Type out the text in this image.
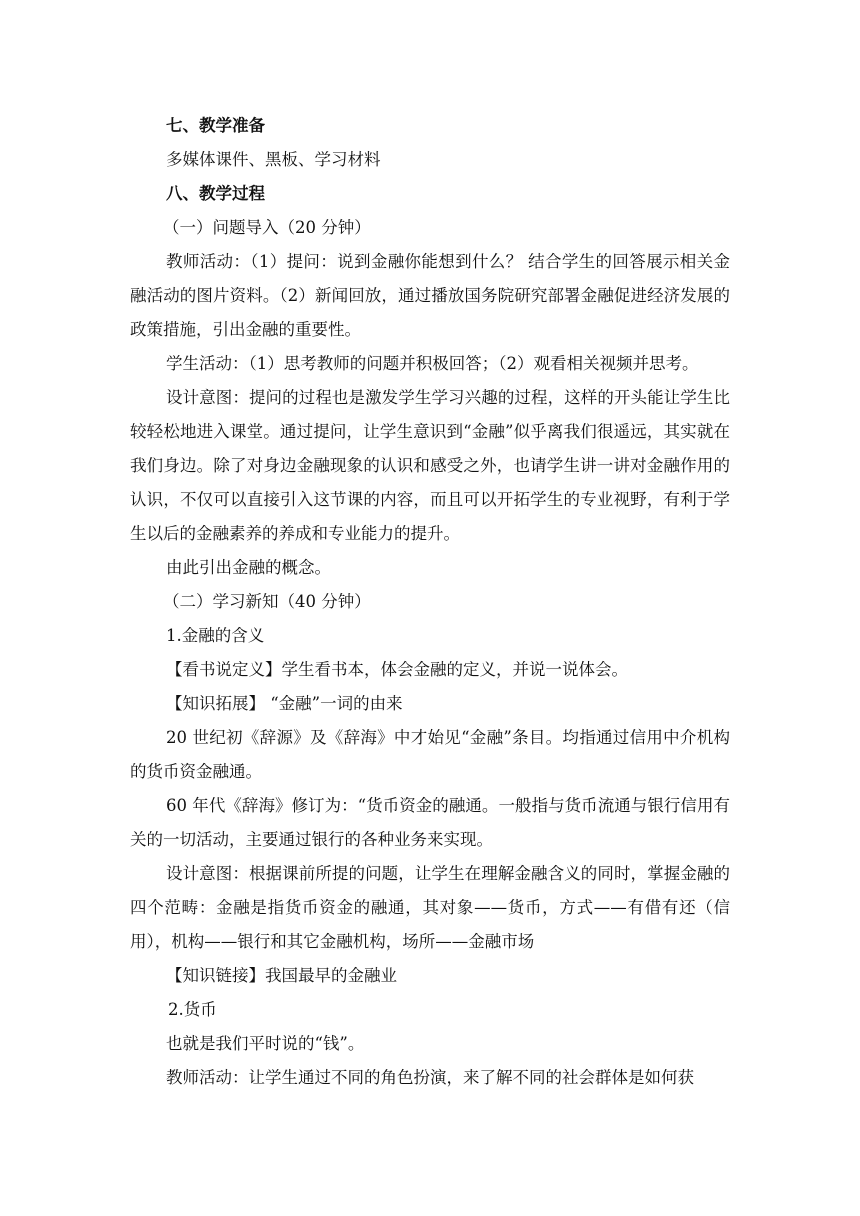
七、教学准备

多媒体课件、黑板、学习材料

八、教学过程

（一）问题导入（20 分钟）

教师活动：（1）提问：说到金融你能想到什么？ 结合学生的回答展示相关金融活动的图片资料。（2）新闻回放，通过播放国务院研究部署金融促进经济发展的政策措施，引出金融的重要性。

学生活动：（1）思考教师的问题并积极回答；（2）观看相关视频并思考。

设计意图：提问的过程也是激发学生学习兴趣的过程，这样的开头能让学生比较轻松地进入课堂。通过提问，让学生意识到“金融”似乎离我们很遥远，其实就在我们身边。除了对身边金融现象的认识和感受之外，也请学生讲一讲对金融作用的认识，不仅可以直接引入这节课的内容，而且可以开拓学生的专业视野，有利于学生以后的金融素养的养成和专业能力的提升。

由此引出金融的概念。

（二）学习新知（40 分钟）

1.金融的含义

【看书说定义】学生看书本，体会金融的定义，并说一说体会。

【知识拓展】 “金融”一词的由来

20 世纪初《辞源》及《辞海》中才始见“金融”条目。均指通过信用中介机构的货币资金融通。

60 年代《辞海》修订为：“货币资金的融通。一般指与货币流通与银行信用有关的一切活动，主要通过银行的各种业务来实现。

设计意图：根据课前所提的问题，让学生在理解金融含义的同时，掌握金融的四个范畴：金融是指货币资金的融通，其对象——货币，方式——有借有还（信用），机构——银行和其它金融机构，场所——金融市场

【知识链接】我国最早的金融业

2.货币

也就是我们平时说的“钱”。

教师活动：让学生通过不同的角色扮演，来了解不同的社会群体是如何获
